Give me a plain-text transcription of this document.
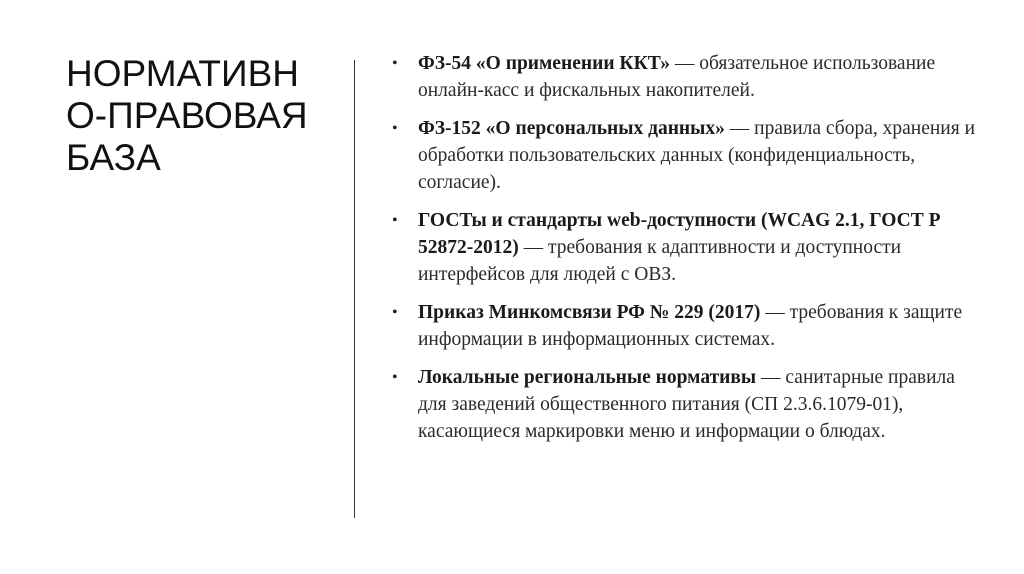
НОРМАТИВН
О-ПРАВОВАЯ
БАЗА
• ФЗ-54 «О применении ККТ» — обязательное использование онлайн-касс и фискальных накопителей.
• ФЗ-152 «О персональных данных» — правила сбора, хранения и обработки пользовательских данных (конфиденциальность, согласие).
• ГОСТы и стандарты web-доступности (WCAG 2.1, ГОСТ Р 52872-2012) — требования к адаптивности и доступности интерфейсов для людей с ОВЗ.
• Приказ Минкомсвязи РФ № 229 (2017) — требования к защите информации в информационных системах.
• Локальные региональные нормативы — санитарные правила для заведений общественного питания (СП 2.3.6.1079-01), касающиеся маркировки меню и информации о блюдах.
